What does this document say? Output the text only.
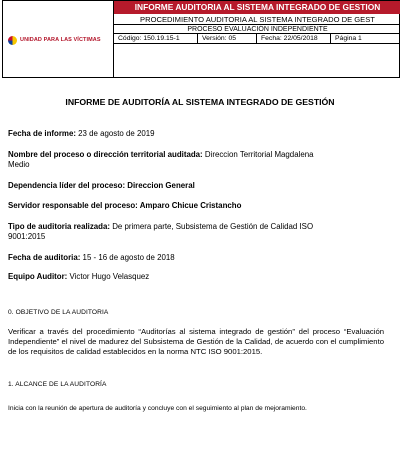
UNIDAD PARA LAS VÍCTIMAS
INFORME AUDITORIA AL SISTEMA INTEGRADO DE GESTION
PROCEDIMIENTO AUDITORIA AL SISTEMA INTEGRADO DE GEST
PROCESO EVALUACIÓN INDEPENDIENTE
Código: 150.19.15-1	Versión: 05	Fecha: 22/05/2018	Página 1
INFORME DE AUDITORÍA AL SISTEMA INTEGRADO DE GESTIÓN
Fecha de informe: 23 de agosto de 2019
Nombre del proceso o dirección territorial auditada: Direccion Territorial Magdalena
Medio
Dependencia líder del proceso: Direccion General
Servidor responsable del proceso: Amparo Chicue Cristancho
Tipo de auditoria realizada: De primera parte, Subsistema de Gestión de Calidad ISO
9001:2015
Fecha de auditoria: 15 - 16 de agosto de 2018
Equipo Auditor: Victor Hugo Velasquez
0. OBJETIVO DE LA AUDITORIA
Verificar a través del procedimiento “Auditorías al sistema integrado de gestión” del proceso “Evaluación Independiente” el nivel de madurez del Subsistema de Gestión de la Calidad, de acuerdo con el cumplimiento de los requisitos de calidad establecidos en la norma NTC ISO 9001:2015.
1. ALCANCE DE LA AUDITORÍA
Inicia con la reunión de apertura de auditoría y concluye con el seguimiento al plan de mejoramiento.
